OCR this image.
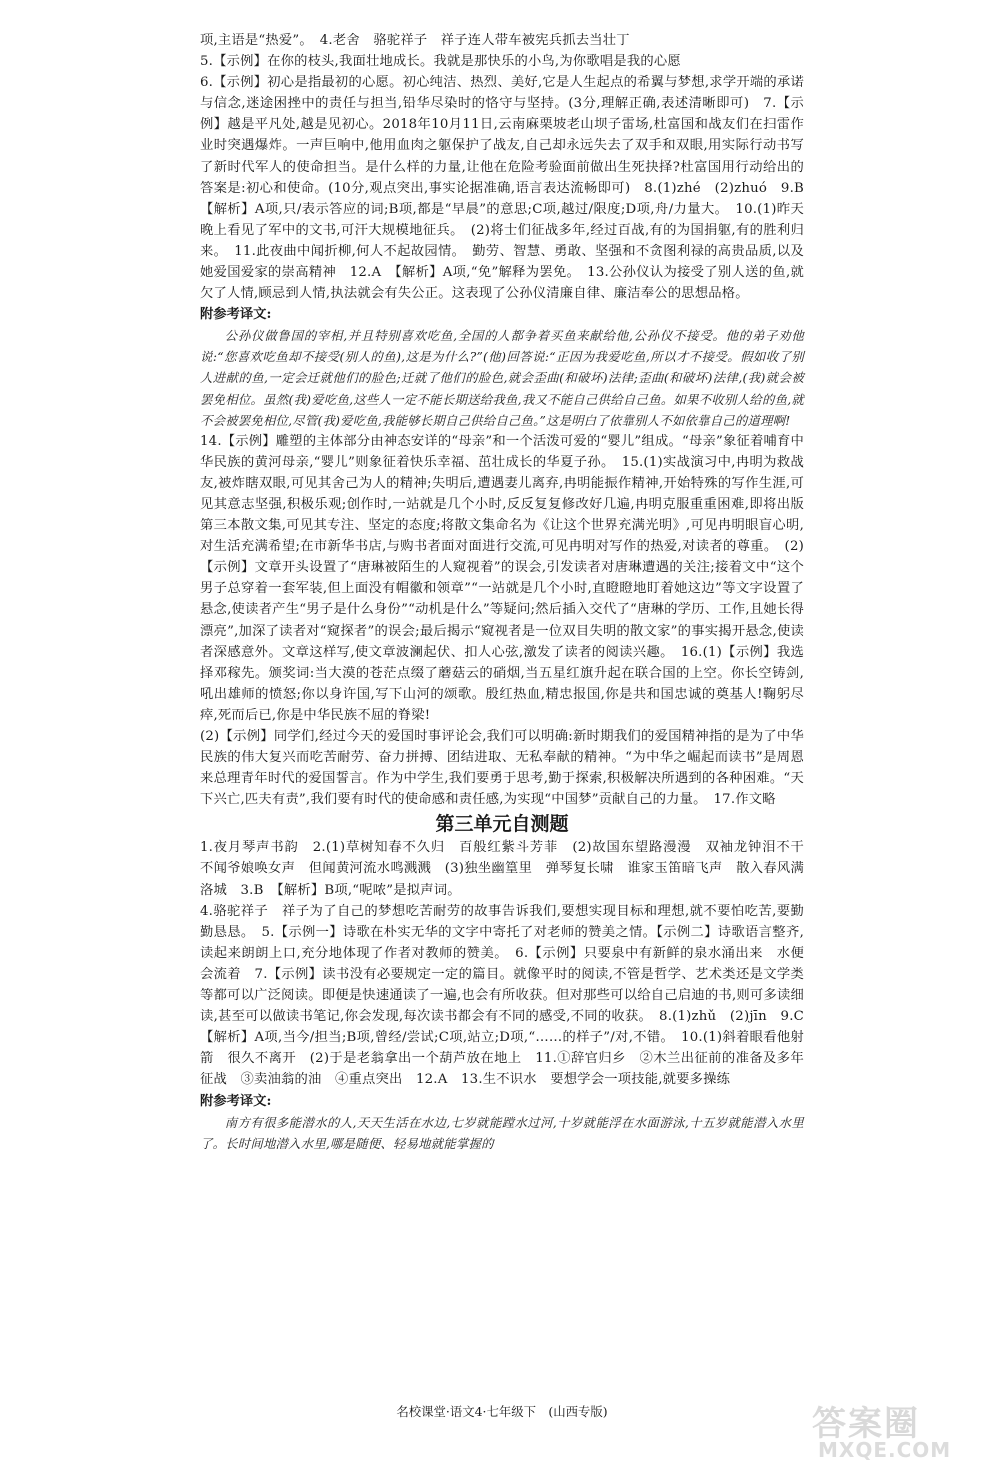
项,主语是“热爱”。　4.老舍　骆驼祥子　祥子连人带车被宪兵抓去当壮丁

5.【示例】在你的枝头,我面壮地成长。我就是那快乐的小鸟,为你歌唱是我的心愿

6.【示例】初心是指最初的心愿。初心纯洁、热烈、美好,它是人生起点的希翼与梦想,求学开端的承诺与信念,迷途困挫中的责任与担当,铅华尽染时的恪守与坚持。(3分,理解正确,表述清晰即可)　7.【示例】越是平凡处,越是见初心。2018年10月11日,云南麻栗坡老山坝子雷场,杜富国和战友们在扫雷作业时突遇爆炸。一声巨响中,他用血肉之躯保护了战友,自己却永远失去了双手和双眼,用实际行动书写了新时代军人的使命担当。是什么样的力量,让他在危险考验面前做出生死抉择?杜富国用行动给出的答案是:初心和使命。(10分,观点突出,事实论据准确,语言表达流畅即可)　8.(1)zhé　(2)zhuó　9.B　【解析】A项,只/表示答应的词;B项,都是“早晨”的意思;C项,越过/限度;D项,舟/力量大。　10.(1)昨天晚上看见了军中的文书,可汗大规模地征兵。　(2)将士们征战多年,经过百战,有的为国捐躯,有的胜利归来。　11.此夜曲中闻折柳,何人不起故园情。　勤劳、智慧、勇敢、坚强和不贪图利禄的高贵品质,以及她爱国爱家的崇高精神　12.A　【解析】A项,“免”解释为罢免。　13.公孙仪认为接受了别人送的鱼,就欠了人情,顾忌到人情,执法就会有失公正。这表现了公孙仪清廉自律、廉洁奉公的思想品格。

附参考译文:

公孙仪做鲁国的宰相,并且特别喜欢吃鱼,全国的人都争着买鱼来献给他,公孙仪不接受。他的弟子劝他说:“您喜欢吃鱼却不接受(别人的鱼),这是为什么?”(他)回答说:“正因为我爱吃鱼,所以才不接受。假如收了别人进献的鱼,一定会迁就他们的脸色;迁就了他们的脸色,就会歪曲(和破坏)法律;歪曲(和破坏)法律,(我)就会被罢免相位。虽然(我)爱吃鱼,这些人一定不能长期送给我鱼,我又不能自己供给自己鱼。如果不收别人给的鱼,就不会被罢免相位,尽管(我)爱吃鱼,我能够长期自己供给自己鱼。”这是明白了依靠别人不如依靠自己的道理啊!

14.【示例】雕塑的主体部分由神态安详的“母亲”和一个活泼可爱的“婴儿”组成。“母亲”象征着哺育中华民族的黄河母亲,“婴儿”则象征着快乐幸福、茁壮成长的华夏子孙。　15.(1)实战演习中,冉明为救战友,被炸瞎双眼,可见其舍己为人的精神;失明后,遭遇妻儿离弃,冉明能振作精神,开始特殊的写作生涯,可见其意志坚强,积极乐观;创作时,一站就是几个小时,反反复复修改好几遍,冉明克服重重困难,即将出版第三本散文集,可见其专注、坚定的态度;将散文集命名为《让这个世界充满光明》,可见冉明眼盲心明,对生活充满希望;在市新华书店,与购书者面对面进行交流,可见冉明对写作的热爱,对读者的尊重。　(2)【示例】文章开头设置了“唐琳被陌生的人窥视着”的误会,引发读者对唐琳遭遇的关注;接着文中“这个男子总穿着一套军装,但上面没有帽徽和领章”“一站就是几个小时,直瞪瞪地盯着她这边”等文字设置了悬念,使读者产生“男子是什么身份”“动机是什么”等疑问;然后插入交代了“唐琳的学历、工作,且她长得漂亮”,加深了读者对“窥探者”的误会;最后揭示“窥视者是一位双目失明的散文家”的事实揭开悬念,使读者深感意外。文章这样写,使文章波澜起伏、扣人心弦,激发了读者的阅读兴趣。　16.(1)【示例】我选择邓稼先。颁奖词:当大漠的苍茫点缀了蘑菇云的硝烟,当五星红旗升起在联合国的上空。你长空铸剑,吼出雄师的愤怒;你以身许国,写下山河的颂歌。殷红热血,精忠报国,你是共和国忠诚的奠基人!鞠躬尽瘁,死而后已,你是中华民族不屈的脊梁!

(2)【示例】同学们,经过今天的爱国时事评论会,我们可以明确:新时期我们的爱国精神指的是为了中华民族的伟大复兴而吃苦耐劳、奋力拼搏、团结进取、无私奉献的精神。“为中华之崛起而读书”是周恩来总理青年时代的爱国誓言。作为中学生,我们要勇于思考,勤于探索,积极解决所遇到的各种困难。“天下兴亡,匹夫有责”,我们要有时代的使命感和责任感,为实现“中国梦”贡献自己的力量。　17.作文略

第三单元自测题

1.夜月琴声书韵　2.(1)草树知春不久归　百般红紫斗芳菲　(2)故国东望路漫漫　双袖龙钟泪不干　不闻爷娘唤女声　但闻黄河流水鸣溅溅　(3)独坐幽篁里　弹琴复长啸　谁家玉笛暗飞声　散入春风满洛城　3.B　【解析】B项,“呢哝”是拟声词。

4.骆驼祥子　祥子为了自己的梦想吃苦耐劳的故事告诉我们,要想实现目标和理想,就不要怕吃苦,要勤勤恳恳。　5.【示例一】诗歌在朴实无华的文字中寄托了对老师的赞美之情。【示例二】诗歌语言整齐,读起来朗朗上口,充分地体现了作者对教师的赞美。　6.【示例】只要泉中有新鲜的泉水涌出来　水便会流着　7.【示例】读书没有必要规定一定的篇目。就像平时的阅读,不管是哲学、艺术类还是文学类等都可以广泛阅读。即便是快速通读了一遍,也会有所收获。但对那些可以给自己启迪的书,则可多读细读,甚至可以做读书笔记,你会发现,每次读书都会有不同的感受,不同的收获。　8.(1)zhǔ　(2)jīn　9.C　【解析】A项,当今/担当;B项,曾经/尝试;C项,站立;D项,“……的样子”/对,不错。　10.(1)斜着眼看他射箭　很久不离开　(2)于是老翁拿出一个葫芦放在地上　11.①辞官归乡　②木兰出征前的准备及多年征战　③卖油翁的油　④重点突出　12.A　13.生不识水　要想学会一项技能,就要多操练

附参考译文:

南方有很多能潜水的人,天天生活在水边,七岁就能蹚水过河,十岁就能浮在水面游泳,十五岁就能潜入水里了。长时间地潜入水里,哪是随便、轻易地就能掌握的

名校课堂·语文4·七年级下　(山西专版)	答案圈
MXQE.COM
